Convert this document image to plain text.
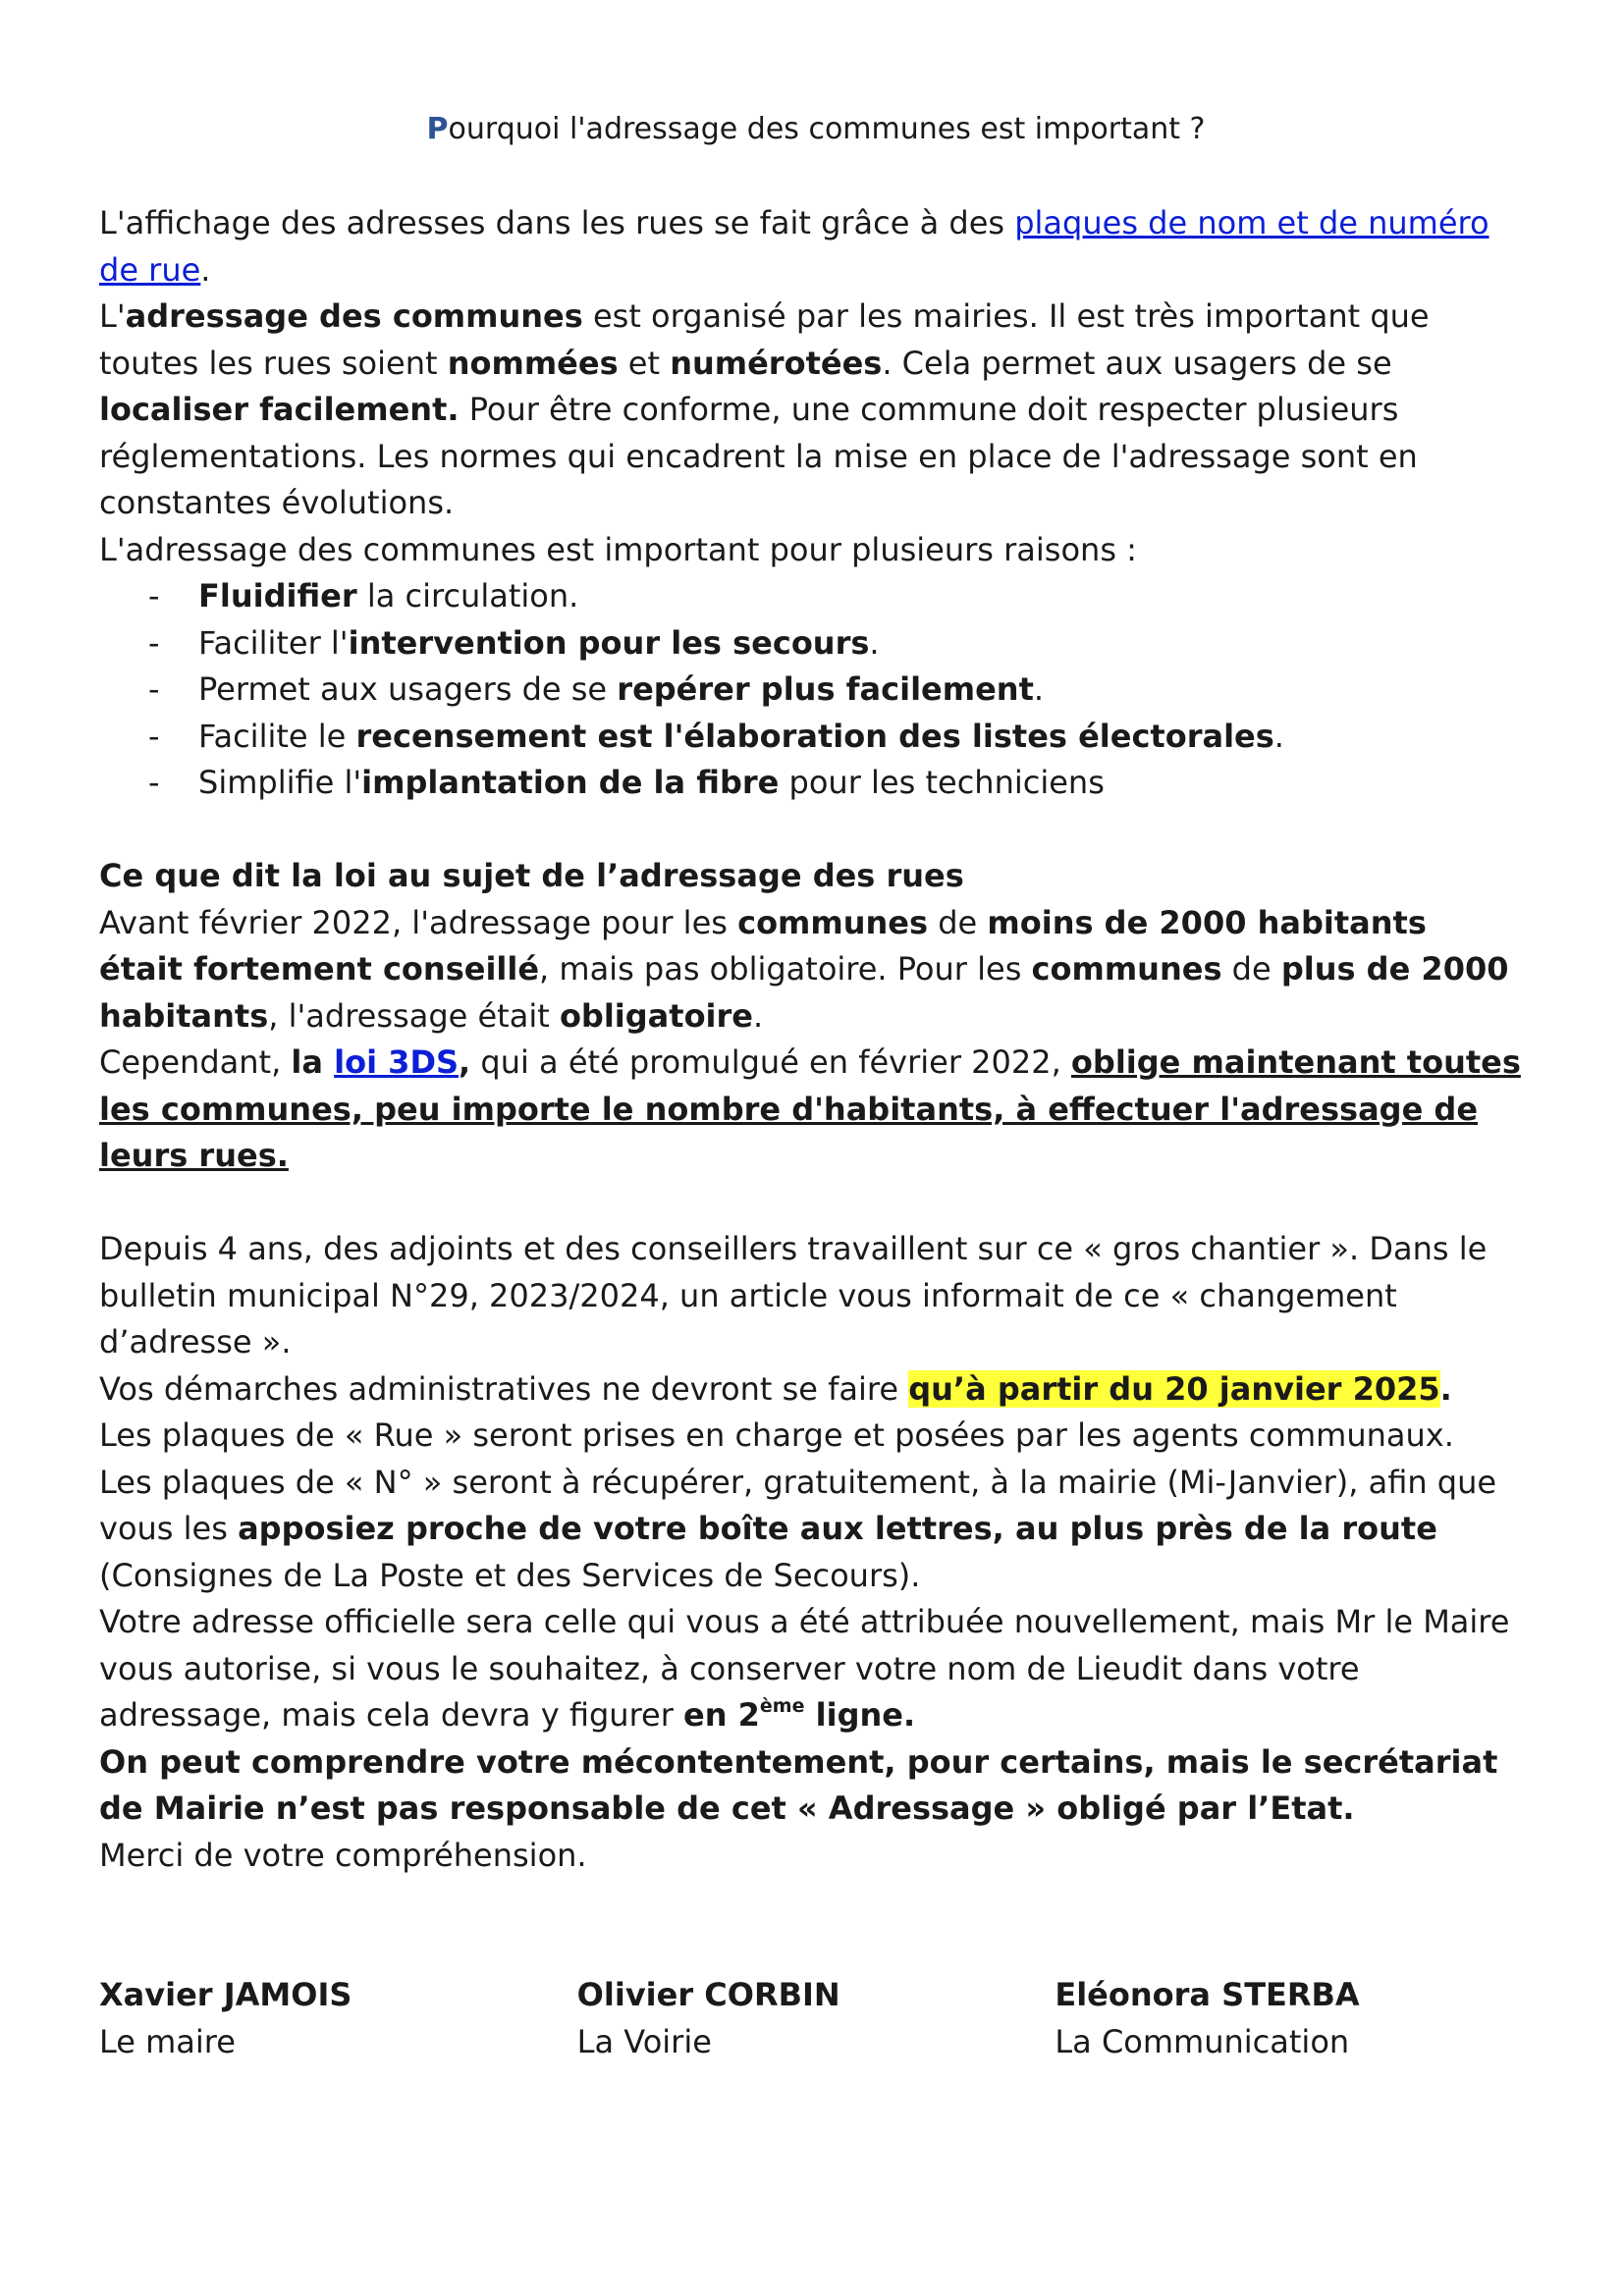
Pourquoi l'adressage des communes est important ?

L'affichage des adresses dans les rues se fait grâce à des plaques de nom et de numéro de rue.

L'adressage des communes est organisé par les mairies. Il est très important que toutes les rues soient nommées et numérotées. Cela permet aux usagers de se localiser facilement. Pour être conforme, une commune doit respecter plusieurs réglementations. Les normes qui encadrent la mise en place de l'adressage sont en constantes évolutions.

L'adressage des communes est important pour plusieurs raisons :

- Fluidifier la circulation.
- Faciliter l'intervention pour les secours.
- Permet aux usagers de se repérer plus facilement.
- Facilite le recensement est l'élaboration des listes électorales.
- Simplifie l'implantation de la fibre pour les techniciens

Ce que dit la loi au sujet de l’adressage des rues

Avant février 2022, l'adressage pour les communes de moins de 2000 habitants
était fortement conseillé, mais pas obligatoire. Pour les communes de plus de 2000 habitants, l'adressage était obligatoire.

Cependant, la loi 3DS, qui a été promulgué en février 2022, oblige maintenant toutes les communes, peu importe le nombre d'habitants, à effectuer l'adressage de leurs rues.

Depuis 4 ans, des adjoints et des conseillers travaillent sur ce « gros chantier ». Dans le bulletin municipal N°29, 2023/2024, un article vous informait de ce « changement d’adresse ».

Vos démarches administratives ne devront se faire qu’à partir du 20 janvier 2025.

Les plaques de « Rue » seront prises en charge et posées par les agents communaux.

Les plaques de « N° » seront à récupérer, gratuitement, à la mairie (Mi-Janvier), afin que vous les apposiez proche de votre boîte aux lettres, au plus près de la route (Consignes de La Poste et des Services de Secours).

Votre adresse officielle sera celle qui vous a été attribuée nouvellement, mais Mr le Maire vous autorise, si vous le souhaitez, à conserver votre nom de Lieudit dans votre adressage, mais cela devra y figurer en 2ème ligne.

On peut comprendre votre mécontentement, pour certains, mais le secrétariat de Mairie n’est pas responsable de cet « Adressage » obligé par l’Etat.

Merci de votre compréhension.

Xavier JAMOIS
Le maire
Olivier CORBIN
La Voirie
Eléonora STERBA
La Communication
